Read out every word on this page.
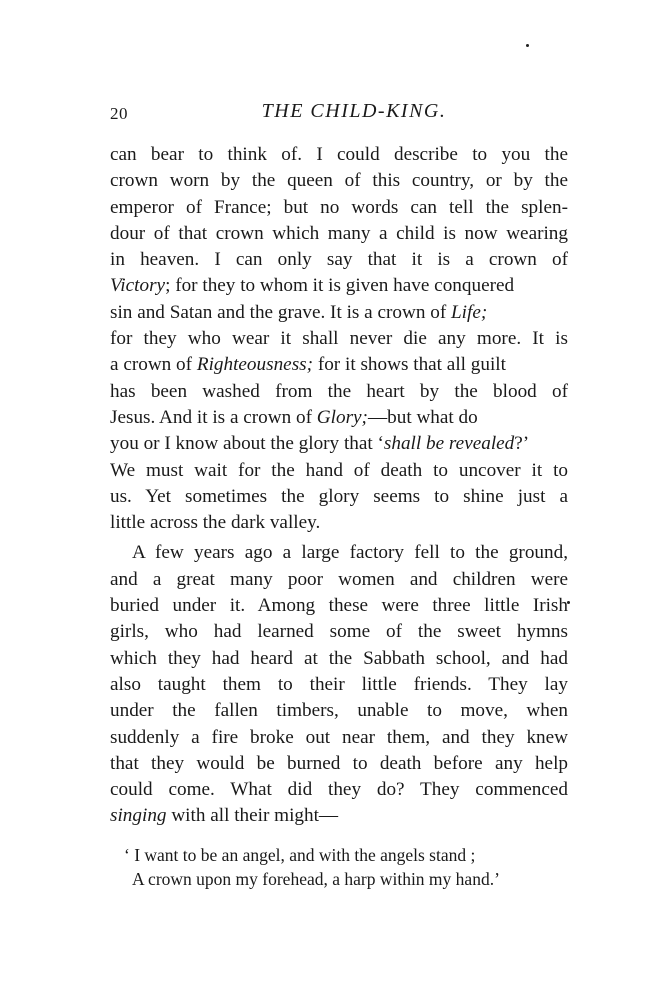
20	THE CHILD-KING.
can bear to think of. I could describe to you the
crown worn by the queen of this country, or by the
emperor of France; but no words can tell the splen-
dour of that crown which many a child is now wearing
in heaven. I can only say that it is a crown of
Victory; for they to whom it is given have conquered
sin and Satan and the grave. It is a crown of Life;
for they who wear it shall never die any more. It is
a crown of Righteousness; for it shows that all guilt
has been washed from the heart by the blood of
Jesus. And it is a crown of Glory;—but what do
you or I know about the glory that ‘shall be revealed?’
We must wait for the hand of death to uncover it to
us. Yet sometimes the glory seems to shine just a
little across the dark valley.
A few years ago a large factory fell to the ground,
and a great many poor women and children were
buried under it. Among these were three little Irish
girls, who had learned some of the sweet hymns
which they had heard at the Sabbath school, and had
also taught them to their little friends. They lay
under the fallen timbers, unable to move, when
suddenly a fire broke out near them, and they knew
that they would be burned to death before any help
could come. What did they do? They commenced
singing with all their might—
‘ I want to be an angel, and with the angels stand ;
A crown upon my forehead, a harp within my hand.’
